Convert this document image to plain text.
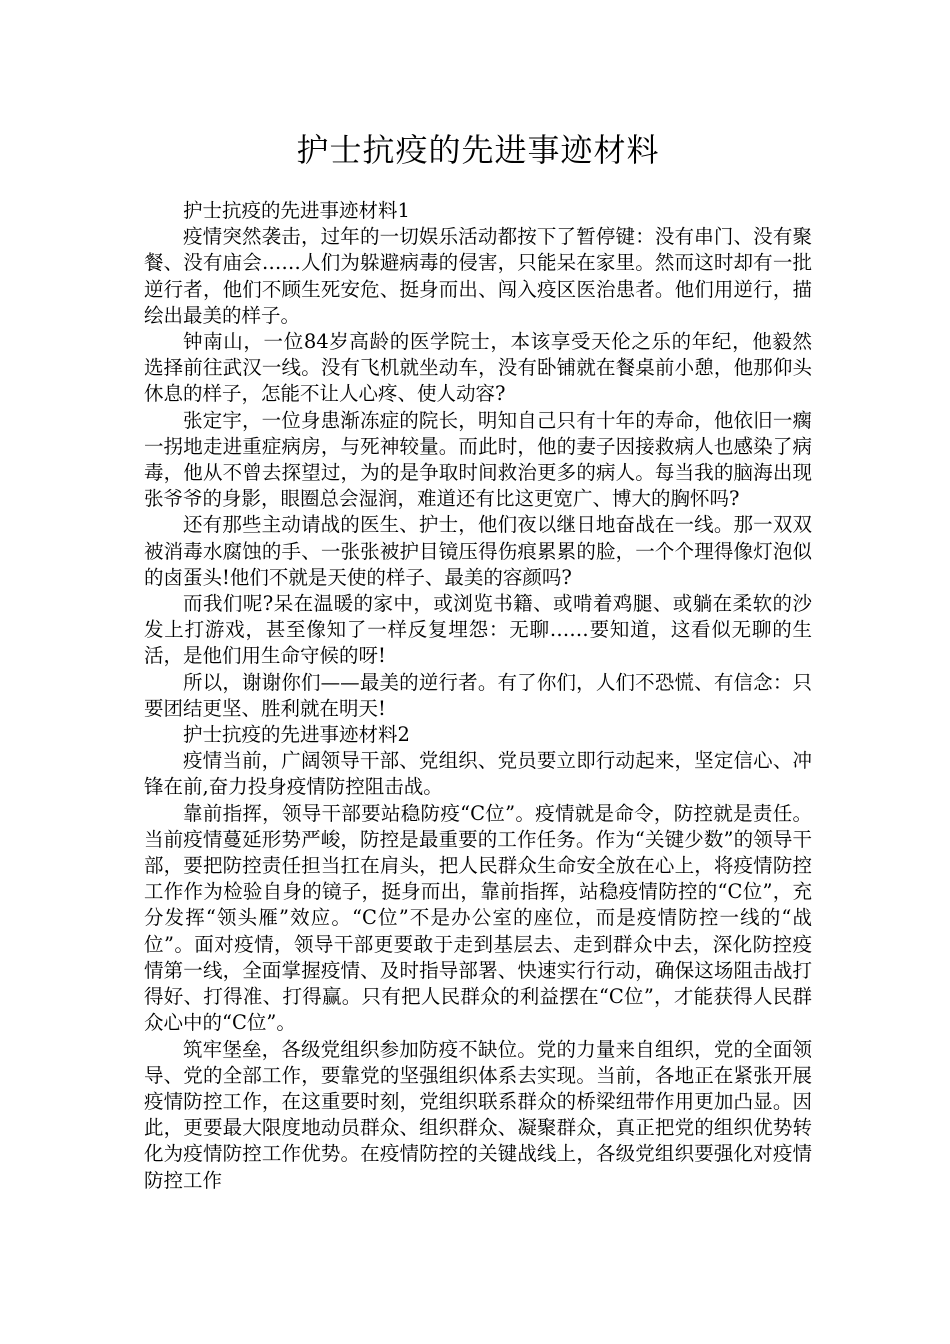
护士抗疫的先进事迹材料

护士抗疫的先进事迹材料1

疫情突然袭击，过年的一切娱乐活动都按下了暂停键：没有串门、没有聚餐、没有庙会……人们为躲避病毒的侵害，只能呆在家里。然而这时却有一批逆行者，他们不顾生死安危、挺身而出、闯入疫区医治患者。他们用逆行，描绘出最美的样子。

钟南山，一位84岁高龄的医学院士，本该享受天伦之乐的年纪，他毅然选择前往武汉一线。没有飞机就坐动车，没有卧铺就在餐桌前小憩，他那仰头休息的样子，怎能不让人心疼、使人动容?

张定宇，一位身患渐冻症的院长，明知自己只有十年的寿命，他依旧一瘸一拐地走进重症病房，与死神较量。而此时，他的妻子因接救病人也感染了病毒，他从不曾去探望过，为的是争取时间救治更多的病人。每当我的脑海出现张爷爷的身影，眼圈总会湿润，难道还有比这更宽广、博大的胸怀吗?

还有那些主动请战的医生、护士，他们夜以继日地奋战在一线。那一双双被消毒水腐蚀的手、一张张被护目镜压得伤痕累累的脸，一个个理得像灯泡似的卤蛋头!他们不就是天使的样子、最美的容颜吗?

而我们呢?呆在温暖的家中，或浏览书籍、或啃着鸡腿、或躺在柔软的沙发上打游戏，甚至像知了一样反复埋怨：无聊……要知道，这看似无聊的生活，是他们用生命守候的呀!

所以，谢谢你们——最美的逆行者。有了你们，人们不恐慌、有信念：只要团结更坚、胜利就在明天!

护士抗疫的先进事迹材料2

疫情当前，广阔领导干部、党组织、党员要立即行动起来，坚定信心、冲锋在前,奋力投身疫情防控阻击战。

靠前指挥，领导干部要站稳防疫“C位”。疫情就是命令，防控就是责任。当前疫情蔓延形势严峻，防控是最重要的工作任务。作为“关键少数”的领导干部，要把防控责任担当扛在肩头，把人民群众生命安全放在心上，将疫情防控工作作为检验自身的镜子，挺身而出，靠前指挥，站稳疫情防控的“C位”，充分发挥“领头雁”效应。“C位”不是办公室的座位，而是疫情防控一线的“战位”。面对疫情，领导干部更要敢于走到基层去、走到群众中去，深化防控疫情第一线，全面掌握疫情、及时指导部署、快速实行行动，确保这场阻击战打得好、打得准、打得赢。只有把人民群众的利益摆在“C位”，才能获得人民群众心中的“C位”。

筑牢堡垒，各级党组织参加防疫不缺位。党的力量来自组织，党的全面领导、党的全部工作，要靠党的坚强组织体系去实现。当前，各地正在紧张开展疫情防控工作，在这重要时刻，党组织联系群众的桥梁纽带作用更加凸显。因此，更要最大限度地动员群众、组织群众、凝聚群众，真正把党的组织优势转化为疫情防控工作优势。在疫情防控的关键战线上，各级党组织要强化对疫情防控工作
